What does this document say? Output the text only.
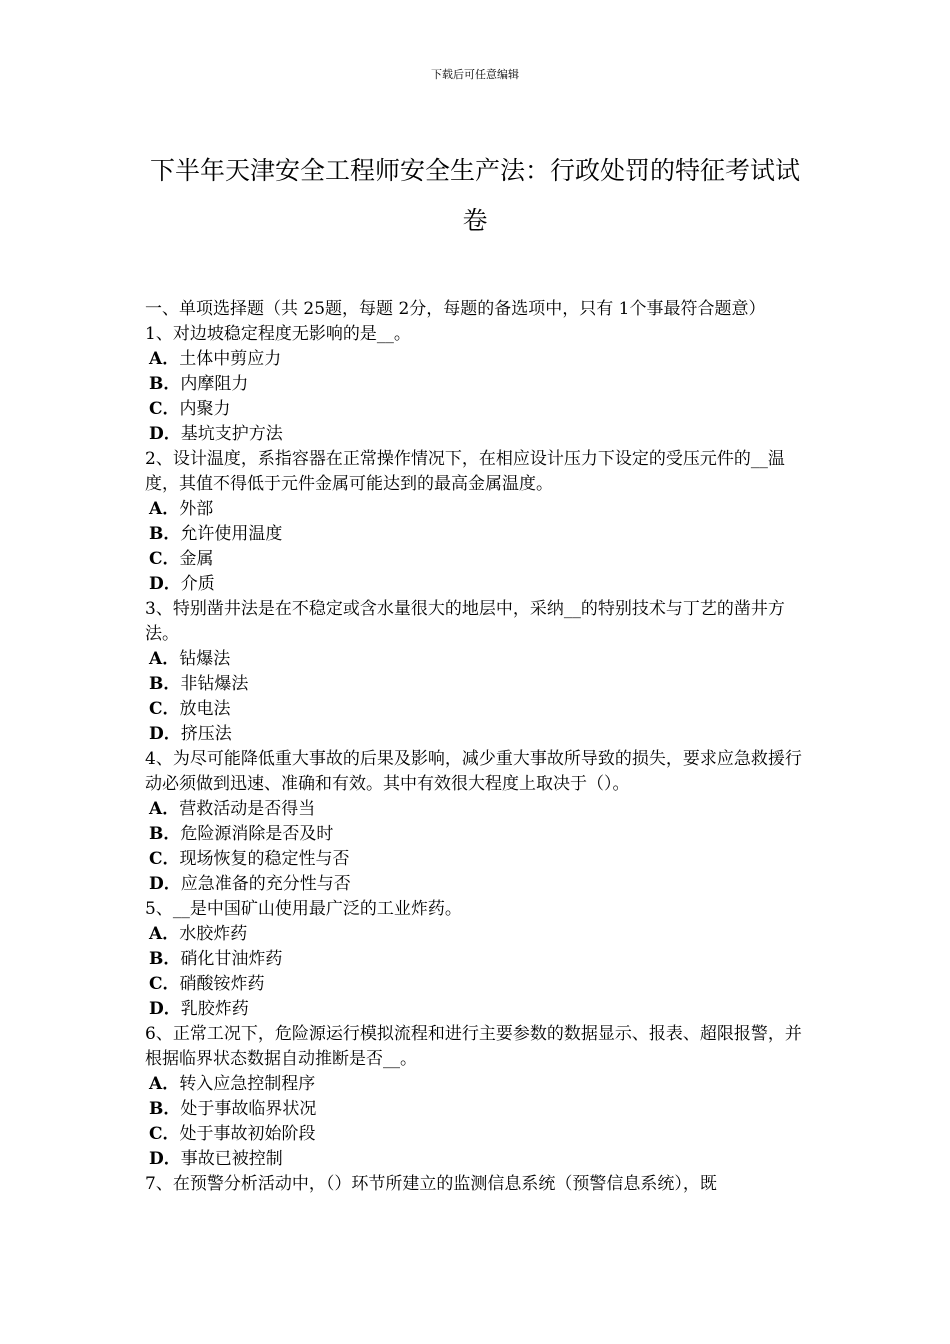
下载后可任意编辑
下半年天津安全工程师安全生产法：行政处罚的特征考试试卷
一、单项选择题（共 25题，每题 2分，每题的备选项中，只有 1个事最符合题意）
1、对边坡稳定程度无影响的是__。
A．土体中剪应力
B．内摩阻力
C．内聚力
D．基坑支护方法
2、设计温度，系指容器在正常操作情况下，在相应设计压力下设定的受压元件的__温度，其值不得低于元件金属可能达到的最高金属温度。
A．外部
B．允许使用温度
C．金属
D．介质
3、特别凿井法是在不稳定或含水量很大的地层中，采纳__的特别技术与丁艺的凿井方法。
A．钻爆法
B．非钻爆法
C．放电法
D．挤压法
4、为尽可能降低重大事故的后果及影响，减少重大事故所导致的损失，要求应急救援行动必须做到迅速、准确和有效。其中有效很大程度上取决于（）。
A．营救活动是否得当
B．危险源消除是否及时
C．现场恢复的稳定性与否
D．应急准备的充分性与否
5、__是中国矿山使用最广泛的工业炸药。
A．水胶炸药
B．硝化甘油炸药
C．硝酸铵炸药
D．乳胶炸药
6、正常工况下，危险源运行模拟流程和进行主要参数的数据显示、报表、超限报警，并根据临界状态数据自动推断是否__。
A．转入应急控制程序
B．处于事故临界状况
C．处于事故初始阶段
D．事故已被控制
7、在预警分析活动中，（）环节所建立的监测信息系统（预警信息系统），既
